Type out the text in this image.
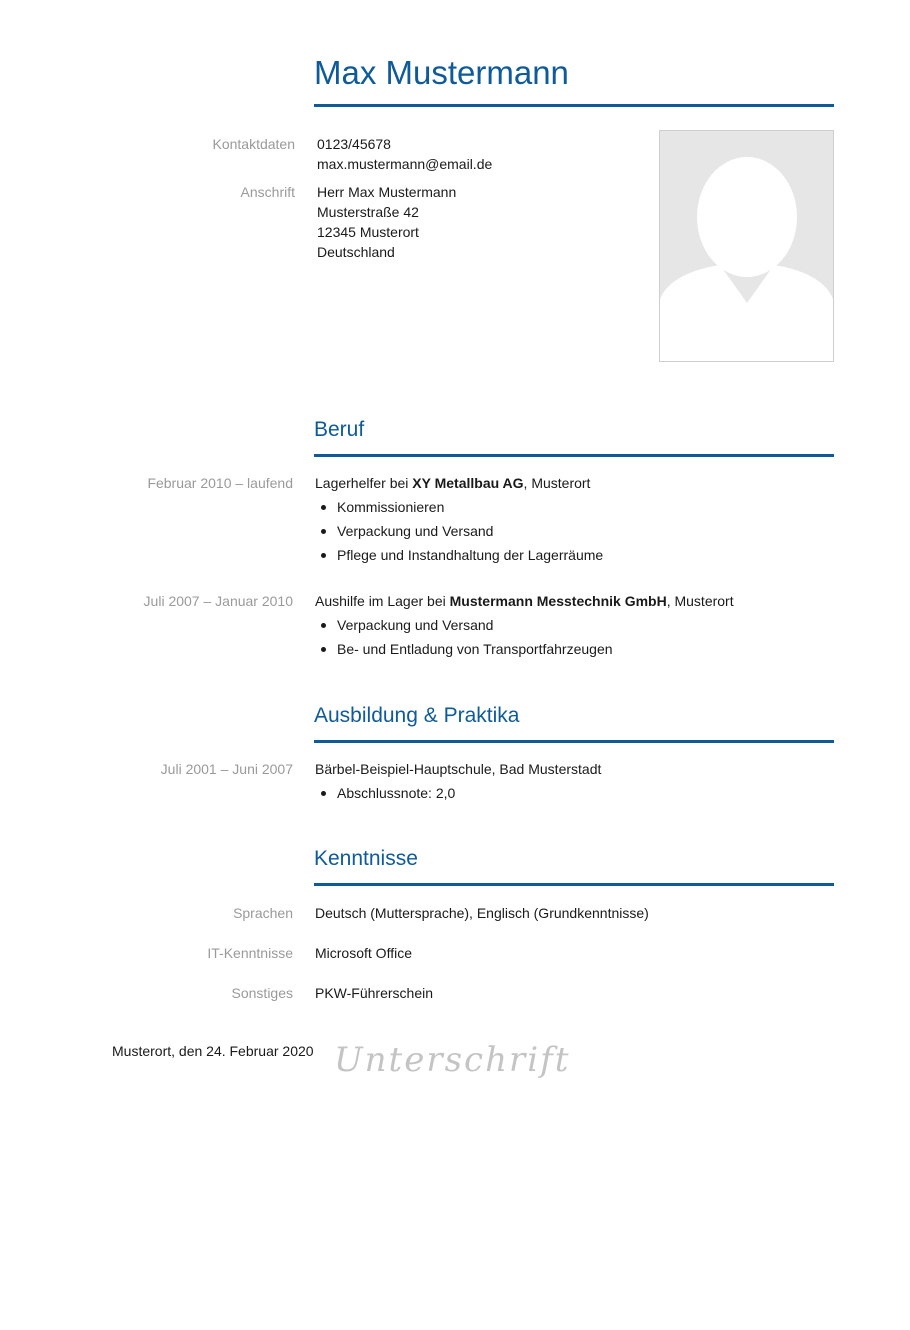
Max Mustermann
Kontaktdaten 0123/45678
max.mustermann@email.de
Anschrift Herr Max Mustermann
Musterstraße 42
12345 Musterort
Deutschland
Beruf
Februar 2010 – laufend Lagerhelfer bei XY Metallbau AG, Musterort
Kommissionieren
Verpackung und Versand
Pflege und Instandhaltung der Lagerräume
Juli 2007 – Januar 2010 Aushilfe im Lager bei Mustermann Messtechnik GmbH, Musterort
Verpackung und Versand
Be- und Entladung von Transportfahrzeugen
Ausbildung & Praktika
Juli 2001 – Juni 2007 Bärbel-Beispiel-Hauptschule, Bad Musterstadt
Abschlussnote: 2,0
Kenntnisse
Sprachen Deutsch (Muttersprache), Englisch (Grundkenntnisse)
IT-Kenntnisse Microsoft Office
Sonstiges PKW-Führerschein
Musterort, den 24. Februar 2020 Unterschrift
